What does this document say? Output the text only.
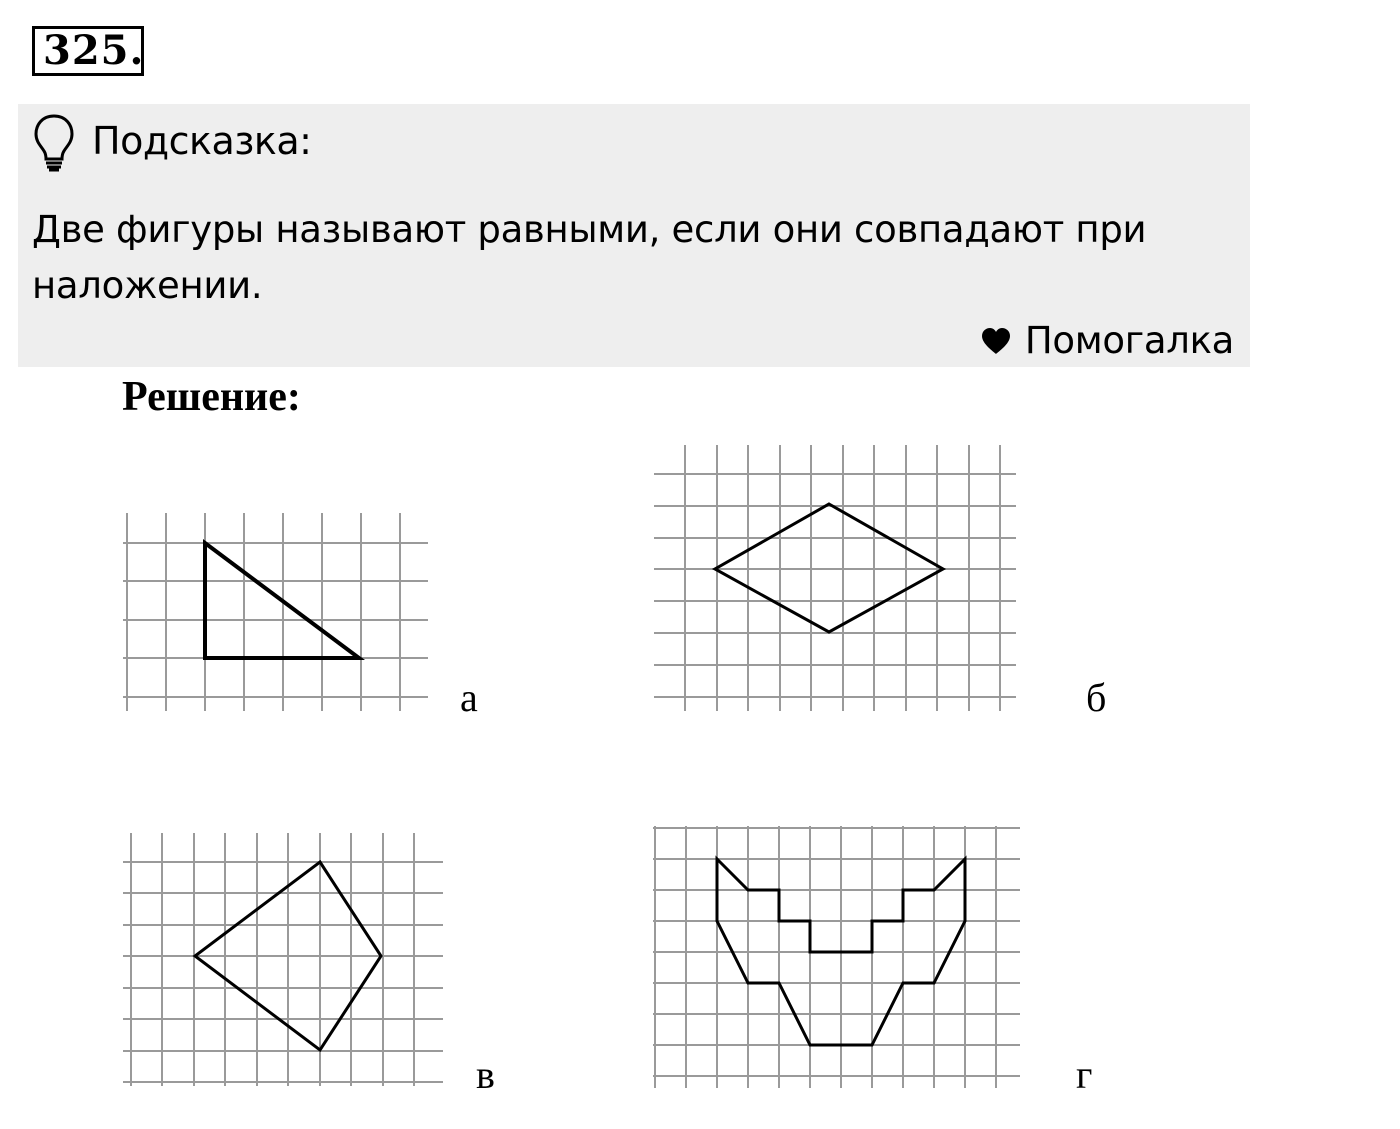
325.
Подсказка:
Две фигуры называют равными, если они совпадают при наложении.
Помогалка
Решение:
а	б
в	г
